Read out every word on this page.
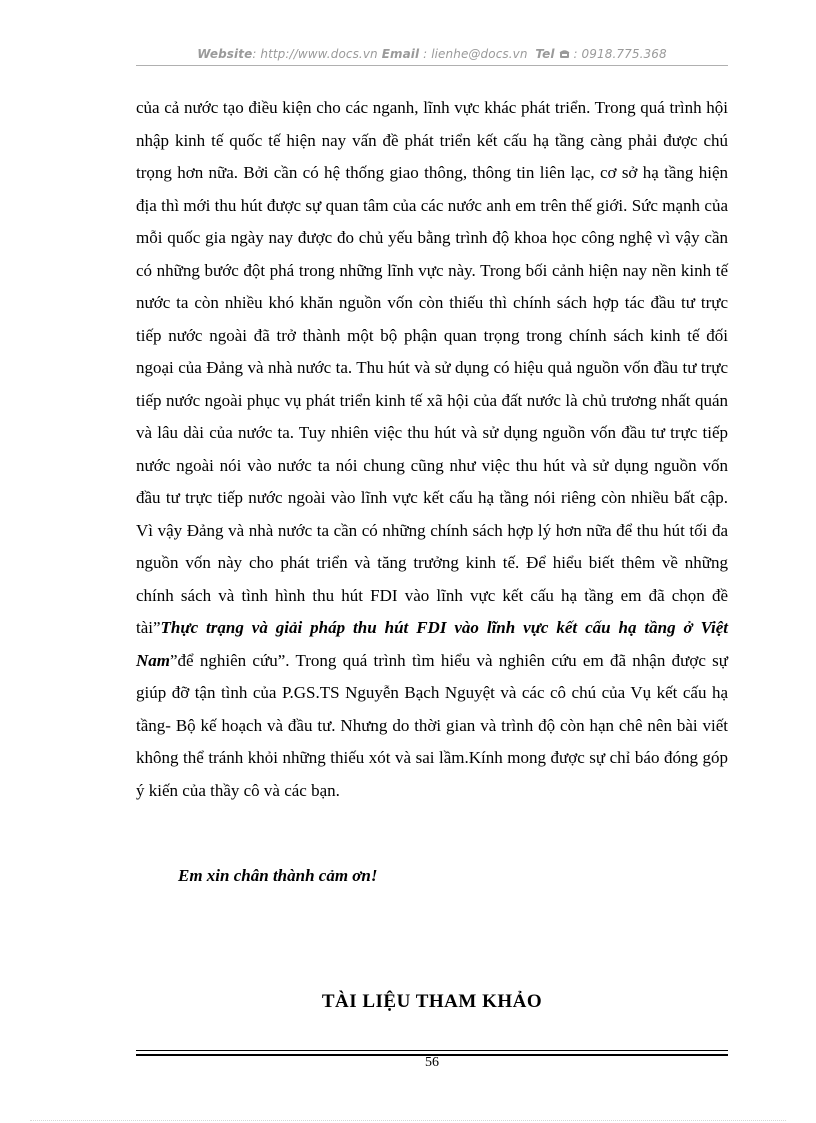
Website: http://www.docs.vn Email : lienhe@docs.vn Tel : 0918.775.368

của cả nước tạo điều kiện cho các nganh, lĩnh vực khác phát triển. Trong quá trình hội nhập kinh tế quốc tế hiện nay vấn đề phát triển kết cấu hạ tầng càng phải được chú trọng hơn nữa. Bởi cần có hệ thống giao thông, thông tin liên lạc, cơ sở hạ tầng hiện địa thì mới thu hút được sự quan tâm của các nước anh em trên thế giới. Sức mạnh của mỗi quốc gia ngày nay được đo chủ yếu bằng trình độ khoa học công nghệ vì vậy cần có những bước đột phá trong những lĩnh vực này. Trong bối cảnh hiện nay nền kinh tế nước ta còn nhiều khó khăn nguồn vốn còn thiếu thì chính sách hợp tác đầu tư trực tiếp nước ngoài đã trở thành một bộ phận quan trọng trong chính sách kinh tế đối ngoại của Đảng và nhà nước ta. Thu hút và sử dụng có hiệu quả nguồn vốn đầu tư trực tiếp nước ngoài phục vụ phát triển kinh tế xã hội của đất nước là chủ trương nhất quán và lâu dài của nước ta. Tuy nhiên việc thu hút và sử dụng nguồn vốn đầu tư trực tiếp nước ngoài nói vào nước ta nói chung cũng như việc thu hút và sử dụng nguồn vốn đầu tư trực tiếp nước ngoài vào lĩnh vực kết cấu hạ tầng nói riêng còn nhiều bất cập. Vì vậy Đảng và nhà nước ta cần có những chính sách hợp lý hơn nữa để thu hút tối đa nguồn vốn này cho phát triển và tăng trưởng kinh tế. Để hiểu biết thêm về những chính sách và tình hình thu hút FDI vào lĩnh vực kết cấu hạ tầng em đã chọn đề tài”Thực trạng và giải pháp thu hút FDI vào lĩnh vực kết cấu hạ tầng ở Việt Nam”để nghiên cứu”. Trong quá trình tìm hiểu và nghiên cứu em đã nhận được sự giúp đỡ tận tình của P.GS.TS Nguyễn Bạch Nguyệt và các cô chú của Vụ kết cấu hạ tầng- Bộ kế hoạch và đầu tư. Nhưng do thời gian và trình độ còn hạn chê nên bài viết không thể tránh khỏi những thiếu xót và sai lầm.Kính mong được sự chỉ báo đóng góp ý kiến của thầy cô và các bạn.

Em xin chân thành cảm ơn!
TÀI LIỆU THAM KHẢO
56
